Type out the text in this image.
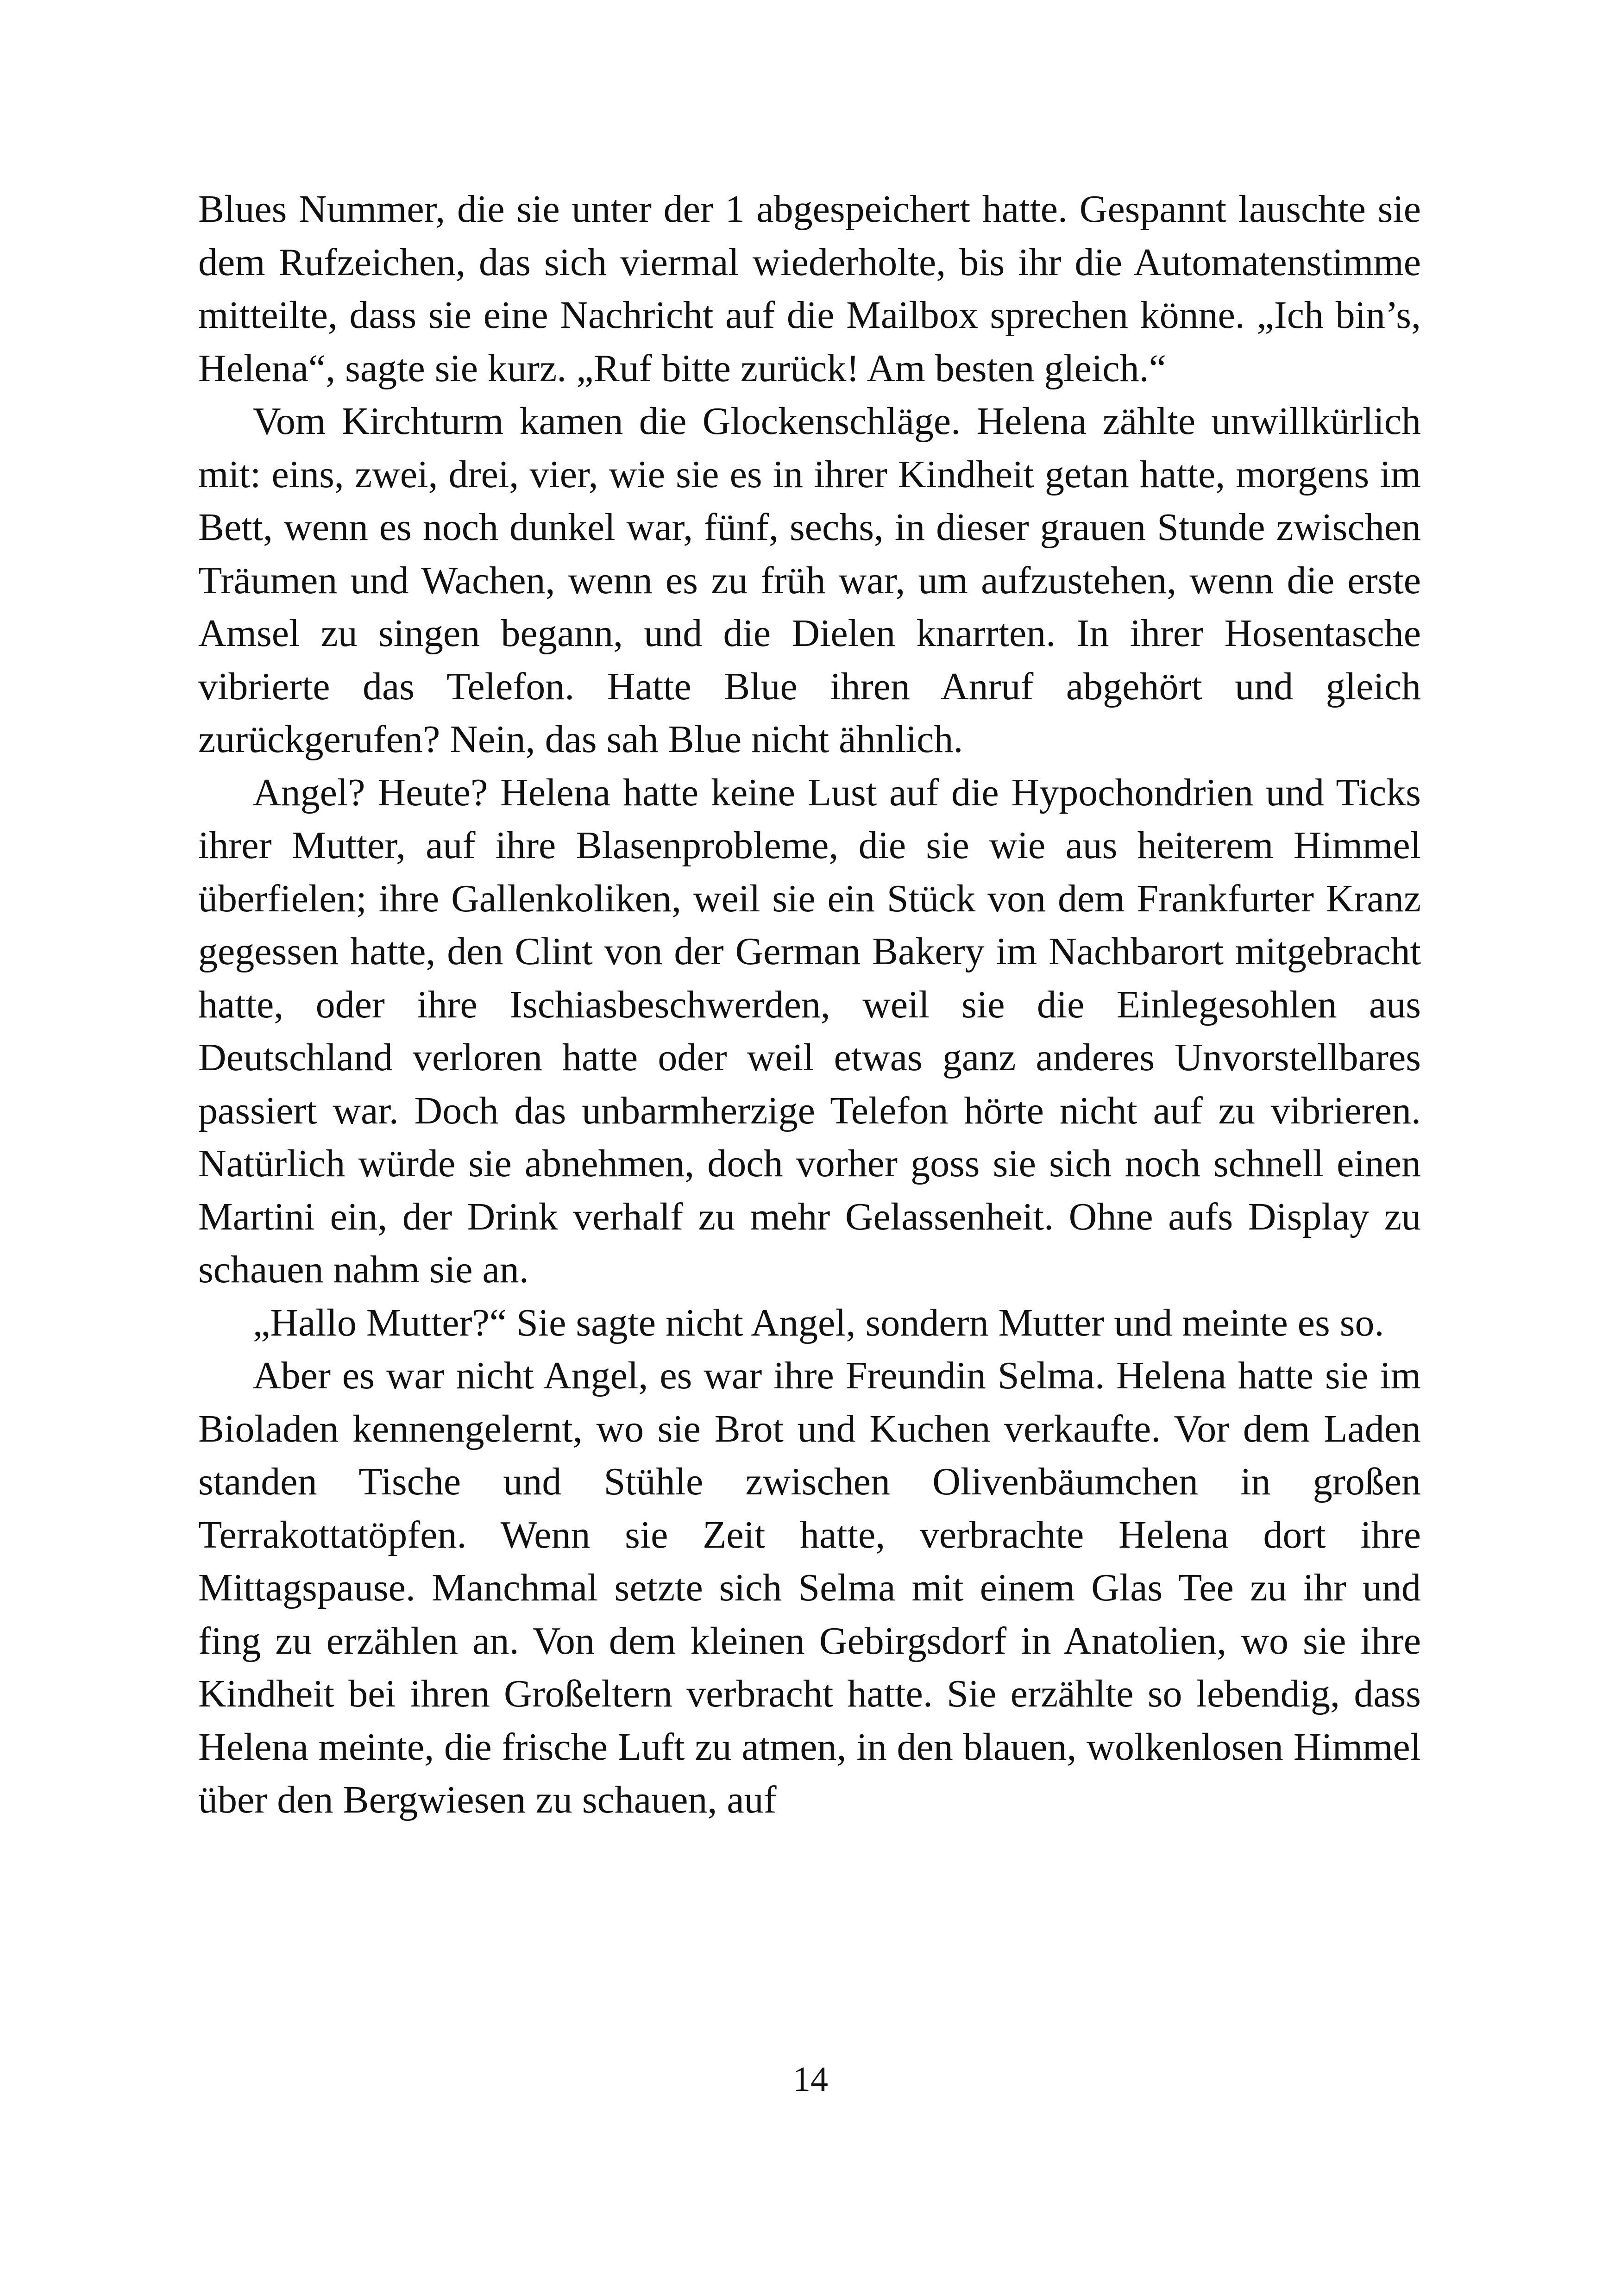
Blues Nummer, die sie unter der 1 abgespeichert hatte. Gespannt lauschte sie dem Rufzeichen, das sich viermal wiederholte, bis ihr die Automatenstimme mitteilte, dass sie eine Nachricht auf die Mailbox sprechen könne. „Ich bin’s, Helena“, sagte sie kurz. „Ruf bitte zurück! Am besten gleich.“

Vom Kirchturm kamen die Glockenschläge. Helena zählte unwillkürlich mit: eins, zwei, drei, vier, wie sie es in ihrer Kindheit getan hatte, morgens im Bett, wenn es noch dunkel war, fünf, sechs, in dieser grauen Stunde zwischen Träumen und Wachen, wenn es zu früh war, um aufzustehen, wenn die erste Amsel zu singen begann, und die Dielen knarrten. In ihrer Hosentasche vibrierte das Telefon. Hatte Blue ihren Anruf abgehört und gleich zurückgerufen? Nein, das sah Blue nicht ähnlich.

Angel? Heute? Helena hatte keine Lust auf die Hypochondrien und Ticks ihrer Mutter, auf ihre Blasenprobleme, die sie wie aus heiterem Himmel überfielen; ihre Gallenkoliken, weil sie ein Stück von dem Frankfurter Kranz gegessen hatte, den Clint von der German Bakery im Nachbarort mitgebracht hatte, oder ihre Ischiasbeschwerden, weil sie die Einlegesohlen aus Deutschland verloren hatte oder weil etwas ganz anderes Unvorstellbares passiert war. Doch das unbarmherzige Telefon hörte nicht auf zu vibrieren. Natürlich würde sie abnehmen, doch vorher goss sie sich noch schnell einen Martini ein, der Drink verhalf zu mehr Gelassenheit. Ohne aufs Display zu schauen nahm sie an.

„Hallo Mutter?“ Sie sagte nicht Angel, sondern Mutter und meinte es so.

Aber es war nicht Angel, es war ihre Freundin Selma. Helena hatte sie im Bioladen kennengelernt, wo sie Brot und Kuchen verkaufte. Vor dem Laden standen Tische und Stühle zwischen Olivenbäumchen in großen Terrakottatöpfen. Wenn sie Zeit hatte, verbrachte Helena dort ihre Mittagspause. Manchmal setzte sich Selma mit einem Glas Tee zu ihr und fing zu erzählen an. Von dem kleinen Gebirgsdorf in Anatolien, wo sie ihre Kindheit bei ihren Großeltern verbracht hatte. Sie erzählte so lebendig, dass Helena meinte, die frische Luft zu atmen, in den blauen, wolkenlosen Himmel über den Bergwiesen zu schauen, auf

14
